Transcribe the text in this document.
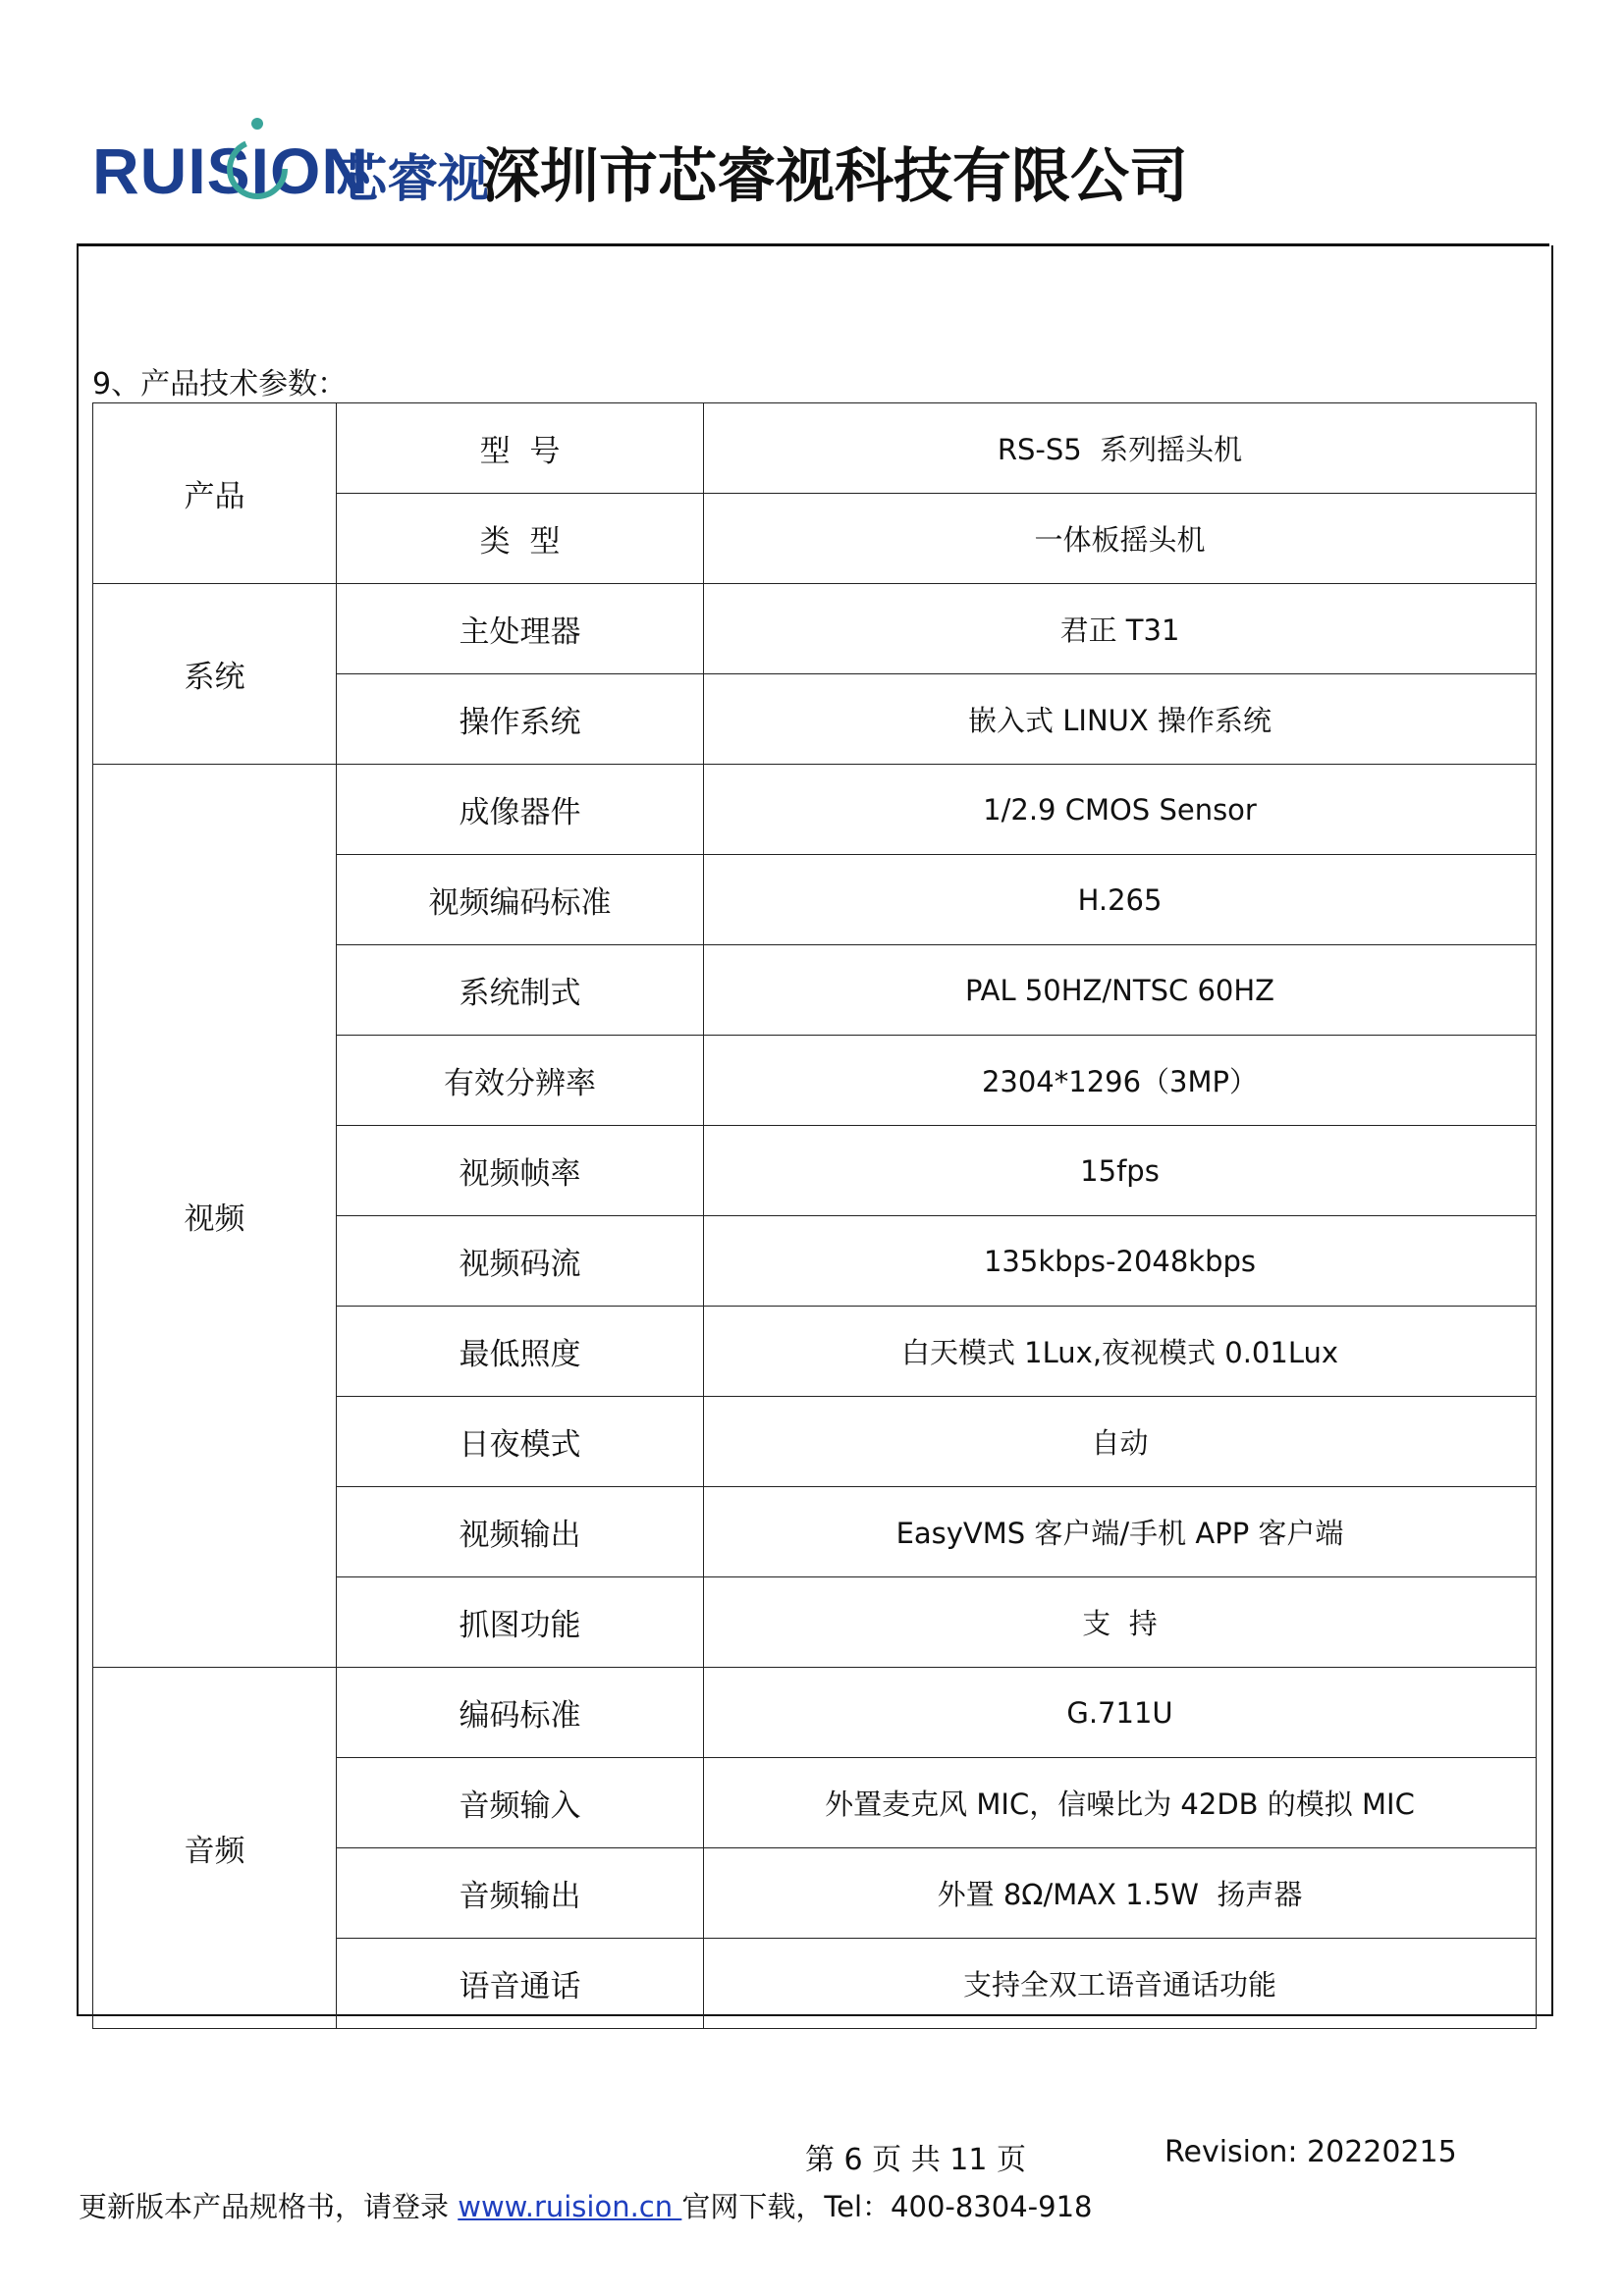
RUISION
芯睿视
深圳市芯睿视科技有限公司
9、产品技术参数：
产品	型  号	RS-S5  系列摇头机
	类  型	一体板摇头机
系统	主处理器	君正 T31
	操作系统	嵌入式 LINUX 操作系统
视频	成像器件	1/2.9 CMOS Sensor
	视频编码标准	H.265
	系统制式	PAL 50HZ/NTSC 60HZ
	有效分辨率	2304*1296（3MP）
	视频帧率	15fps
	视频码流	135kbps-2048kbps
	最低照度	白天模式 1Lux,夜视模式 0.01Lux
	日夜模式	自动
	视频输出	EasyVMS 客户端/手机 APP 客户端
	抓图功能	支  持
音频	编码标准	G.711U
	音频输入	外置麦克风 MIC，信噪比为 42DB 的模拟 MIC
	音频输出	外置 8Ω/MAX 1.5W  扬声器
	语音通话	支持全双工语音通话功能
第 6 页 共 11 页	Revision: 20220215
更新版本产品规格书，请登录 www.ruision.cn 官网下载，Tel：400-8304-918
